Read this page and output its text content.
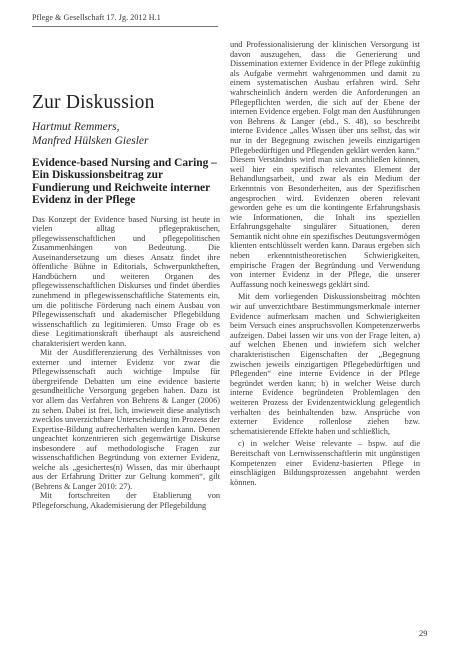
Pflege & Gesellschaft 17. Jg. 2012 H.1
Zur Diskussion
Hartmut Remmers,
Manfred Hülsken Giesler
Evidence-based Nursing and Caring – Ein Diskussionsbeitrag zur Fundierung und Reichweite interner Evidenz in der Pflege

Das Konzept der Evidence based Nursing ist heute in vielen alltag pflegepraktischen, pflegewissenschaftlichen und pflegepolitischen Zusammenhängen von Bedeutung. Die Auseinandersetzung um dieses Ansatz findet ihre öffentliche Bühne in Editorials, Schwerpunktheften, Handbüchern und weiteren Organen des pflegewissenschaftlichen Diskurses und findet überdies zunehmend in pflegewissenschaftliche Statements ein, um die politische Förderung nach einem Ausbau von Pflegewissenschaft und akademischer Pflegebildung wissenschaftlich zu legitimieren. Umso Frage ob es diese Legitimationskraft überhaupt als ausreichend charakterisiert werden kann.

Mit der Ausdifferenzierung des Verhältnisses von externer und interner Evidenz vor zwar die Pflegewissenschaft auch wichtige Impulse für übergreifende Debatten um eine evidence basierte gesundheitliche Versorgung gegeben haben. Dazu ist vor allem das Verfahren von Behrens & Langer (2006) zu sehen. Dabei ist frei, lich, inwieweit diese analytisch zwecklos unverzichtbare Unterscheidung im Prozess der Expertise-Bildung aufrecherhalten werden kann. Denen ungeachtet konzentrieren sich gegenwärtige Diskurse insbesondere auf methodologische Fragen zur wissenschaftlichen Begründung von externer Evidenz, welche als „gesichertes(n) Wissen, das mir überhaupt aus der Erfahrung Dritter zur Geltung kommen“, gilt (Behrens & Langer 2010: 27).

Mit fortschreiten der Etablierung von Pflegeforschung, Akademisierung der Pflegebildung

und Professionalisierung der klinischen Versorgung ist davon auszugehen, dass die Generierung und Dissemination externer Evidence in der Pflege zukünftig als Aufgabe vermehrt wahrgenommen und damit zu einem systematischen Ausbau erfahren wird. Sehr wahrscheinlich ändern werden die Anforderungen an Pflegepflichten werden, die sich auf der Ebene der internen Evidence ergeben. Folgt man den Ausführungen von Behrens & Langer (ebd., S. 48), so beschreibt interne Evidence „alles Wissen über uns selbst, das wir nur in der Begegnung zwischen jeweils einzigartigen Pflegebedürftigen und Pflegenden geklärt werden kann.“ Diesem Verständnis wird man sich anschließen können, weil hier ein spezifisch relevantes Element der Behandlungsarbeit, und zwar als ein Medium der Erkenntnis von Besonderheiten, aus der Spezifischen angesprochen wird. Evidenzen oberen relevant geworden gehe es um die kontingente Erfahrungsbasis wie Informationen, die Inhalt ins speziellen Erfahrungsgehalte singulärer Situationen, deren Semantik nicht ohne ein spezifisches Deutungsvermögen klienten entschlüsselt werden kann. Daraus ergeben sich neben erkenntnistheoretischen Schwierigkeiten, empirische Fragen der Begründung und Verwendung von interner Evidenz in der Pflege, die unserer Auffassung noch keineswegs geklärt sind.

Mit dem vorliegenden Diskussionsbeitrag möchten wir auf unverzichtbare Bestimmungsmerkmale interner Evidence aufmerksam machen und Schwierigkeiten beim Versuch eines anspruchsvollen Kompetenzerwerbs aufzeigen. Dabei lassen wir uns von der Frage leiten, a) auf welchen Ebenen und inwiefern sich welcher charakteristischen Eigenschaften der „Begegnung zwischen jeweils einzigartigen Pflegebedürftigen und Pflegenden“ eine interne Evidence in der Pflege begründet werden kann; b) in welcher Weise durch interne Evidence begründeten Problemlagen den weiteren Prozess der Evidenzentwicklung gelegentlich verhalten des beinhaltenden bzw. Ansprüche von externer Evidence rollenlose ziehen bzw. schematisierende Effekte haben und schließlich,

c) in welcher Weise relevante – bspw. auf die Bereitschaft von Lernwissenschaftlerin mit ungünstigen Kompetenzen einer Evidenz-basierten Pflege in einschlägigen Bildungsprozessen angebahnt werden können.

29
